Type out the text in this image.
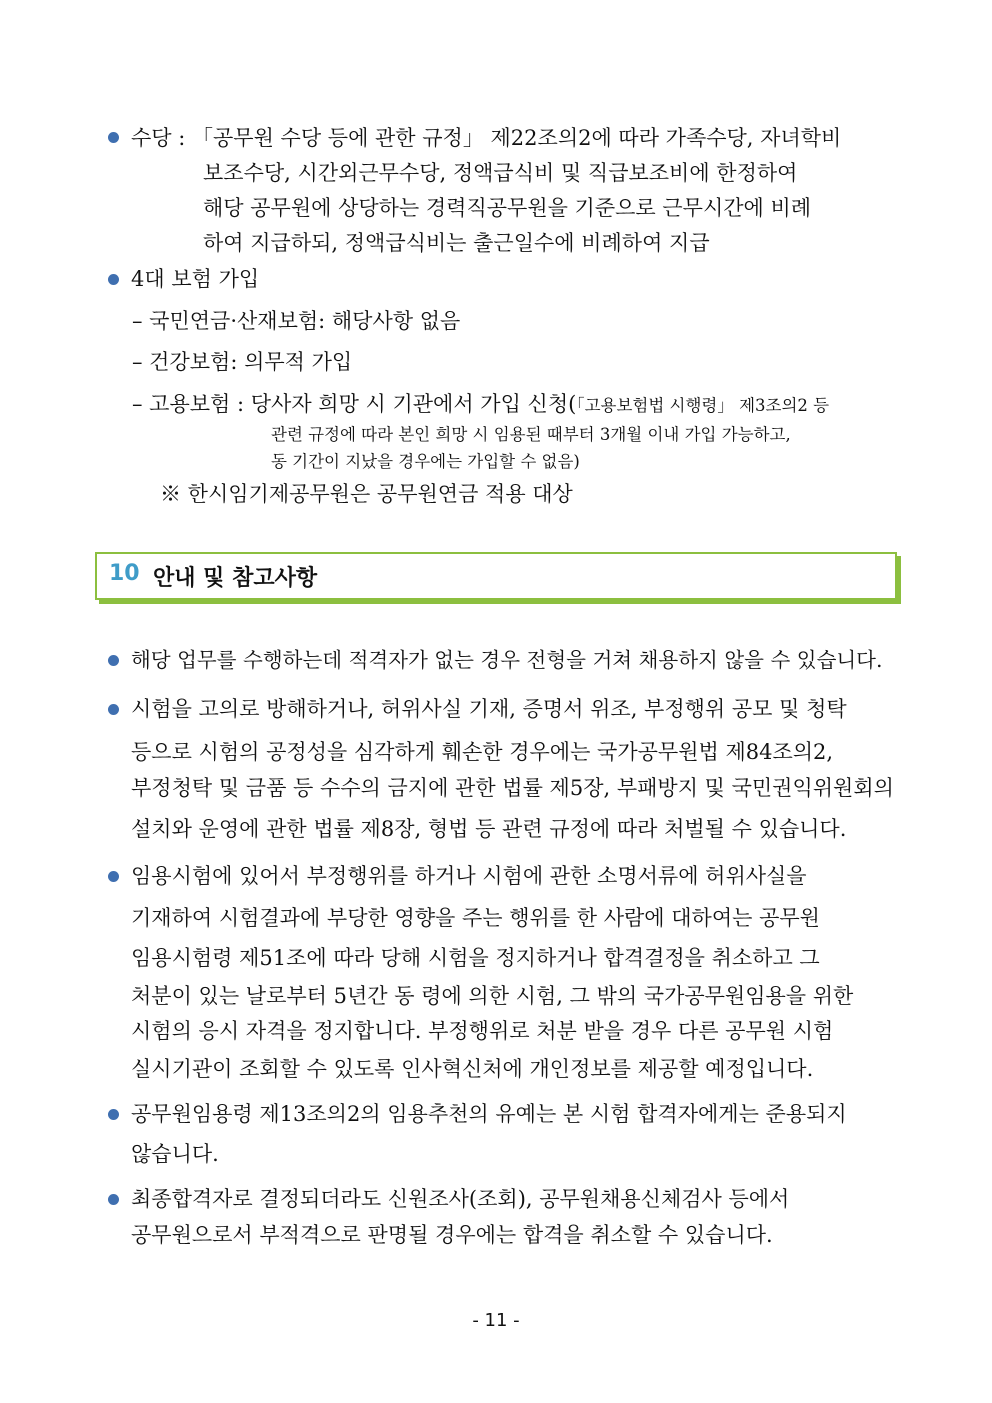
수당 : 「공무원 수당 등에 관한 규정」 제22조의2에 따라 가족수당, 자녀학비
보조수당, 시간외근무수당, 정액급식비 및 직급보조비에 한정하여
해당 공무원에 상당하는 경력직공무원을 기준으로 근무시간에 비례
하여 지급하되, 정액급식비는 출근일수에 비례하여 지급
4대 보험 가입
– 국민연금·산재보험: 해당사항 없음
– 건강보험: 의무적 가입
– 고용보험 : 당사자 희망 시 기관에서 가입 신청(「고용보험법 시행령」 제3조의2 등
관련 규정에 따라 본인 희망 시 임용된 때부터 3개월 이내 가입 가능하고,
동 기간이 지났을 경우에는 가입할 수 없음)
※ 한시임기제공무원은 공무원연금 적용 대상
10 안내 및 참고사항
해당 업무를 수행하는데 적격자가 없는 경우 전형을 거쳐 채용하지 않을 수 있습니다.
시험을 고의로 방해하거나, 허위사실 기재, 증명서 위조, 부정행위 공모 및 청탁
등으로 시험의 공정성을 심각하게 훼손한 경우에는 국가공무원법 제84조의2,
부정청탁 및 금품 등 수수의 금지에 관한 법률 제5장, 부패방지 및 국민권익위원회의
설치와 운영에 관한 법률 제8장, 형법 등 관련 규정에 따라 처벌될 수 있습니다.
임용시험에 있어서 부정행위를 하거나 시험에 관한 소명서류에 허위사실을
기재하여 시험결과에 부당한 영향을 주는 행위를 한 사람에 대하여는 공무원
임용시험령 제51조에 따라 당해 시험을 정지하거나 합격결정을 취소하고 그
처분이 있는 날로부터 5년간 동 령에 의한 시험, 그 밖의 국가공무원임용을 위한
시험의 응시 자격을 정지합니다. 부정행위로 처분 받을 경우 다른 공무원 시험
실시기관이 조회할 수 있도록 인사혁신처에 개인정보를 제공할 예정입니다.
공무원임용령 제13조의2의 임용추천의 유예는 본 시험 합격자에게는 준용되지
않습니다.
최종합격자로 결정되더라도 신원조사(조회), 공무원채용신체검사 등에서
공무원으로서 부적격으로 판명될 경우에는 합격을 취소할 수 있습니다.
- 11 -
